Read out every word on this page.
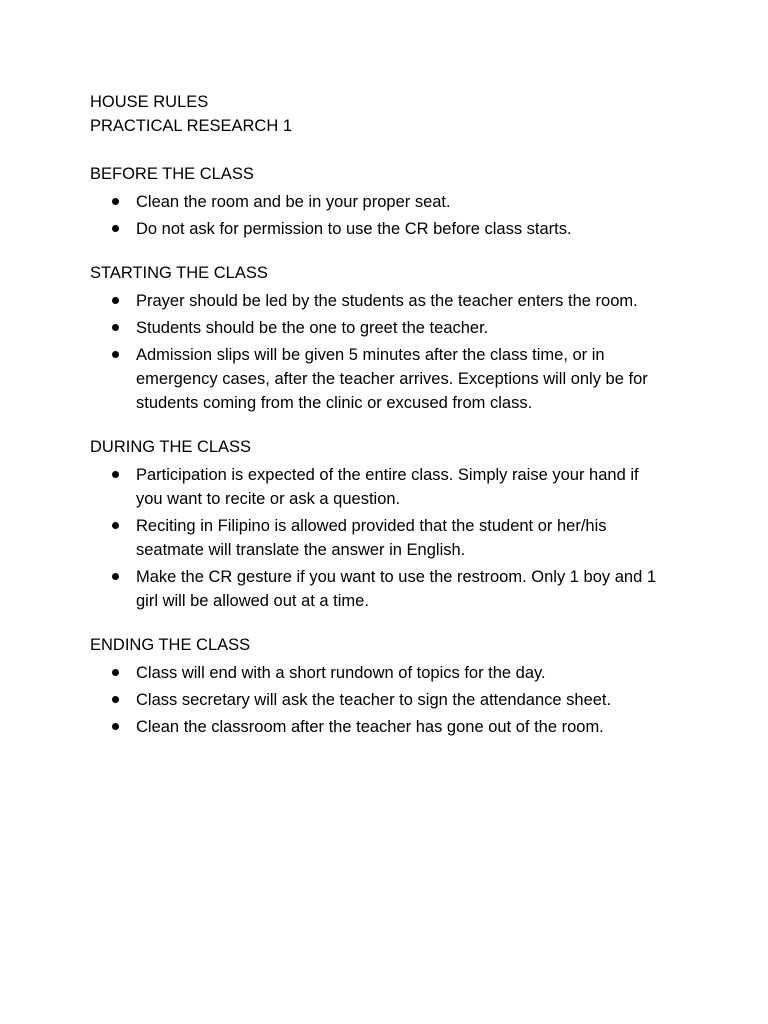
HOUSE RULES
PRACTICAL RESEARCH 1
BEFORE THE CLASS
Clean the room and be in your proper seat.
Do not ask for permission to use the CR before class starts.
STARTING THE CLASS
Prayer should be led by the students as the teacher enters the room.
Students should be the one to greet the teacher.
Admission slips will be given 5 minutes after the class time, or in emergency cases, after the teacher arrives. Exceptions will only be for students coming from the clinic or excused from class.
DURING THE CLASS
Participation is expected of the entire class. Simply raise your hand if you want to recite or ask a question.
Reciting in Filipino is allowed provided that the student or her/his seatmate will translate the answer in English.
Make the CR gesture if you want to use the restroom. Only 1 boy and 1 girl will be allowed out at a time.
ENDING THE CLASS
Class will end with a short rundown of topics for the day.
Class secretary will ask the teacher to sign the attendance sheet.
Clean the classroom after the teacher has gone out of the room.
